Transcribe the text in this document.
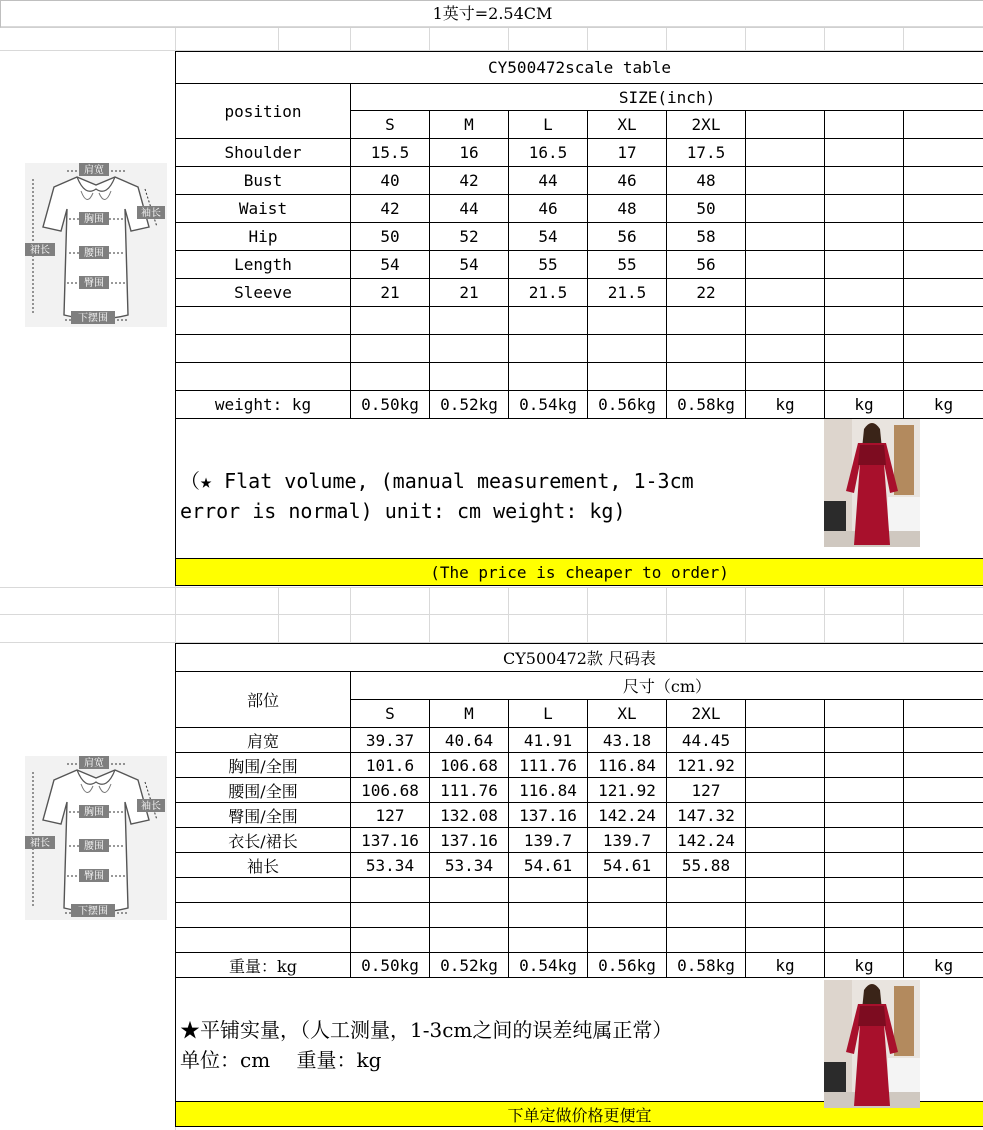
1英寸=2.54CM
CY500472scale table								
position	SIZE(inch)							
	S	M	L	XL	2XL			
Shoulder	15.5	16	16.5	17	17.5			
Bust	40	42	44	46	48			
Waist	42	44	46	48	50			
Hip	50	52	54	56	58			
Length	54	54	55	55	56			
Sleeve	21	21	21.5	21.5	22			

weight: kg	0.50kg	0.52kg	0.54kg	0.56kg	0.58kg	kg	kg	kg

（★ Flat volume, (manual measurement, 1-3cm
error is normal) unit: cm weight: kg)								

(The price is cheaper to order)								
CY500472款 尺码表								
部位	尺寸（cm）							
	S	M	L	XL	2XL			
肩宽	39.37	40.64	41.91	43.18	44.45			
胸围/全围	101.6	106.68	111.76	116.84	121.92			
腰围/全围	106.68	111.76	116.84	121.92	127			
臀围/全围	127	132.08	137.16	142.24	147.32			
衣长/裙长	137.16	137.16	139.7	139.7	142.24			
袖长	53.34	53.34	54.61	54.61	55.88			

重量：kg	0.50kg	0.52kg	0.54kg	0.56kg	0.58kg	kg	kg	kg

★平铺实量，（人工测量，1-3cm之间的误差纯属正常）
单位：cm　 重量：kg								

下单定做价格更便宜								
肩宽
胸围
袖长
裙长	腰围
臀围
下摆围
肩宽
胸围
袖长
裙长	腰围
臀围
下摆围
